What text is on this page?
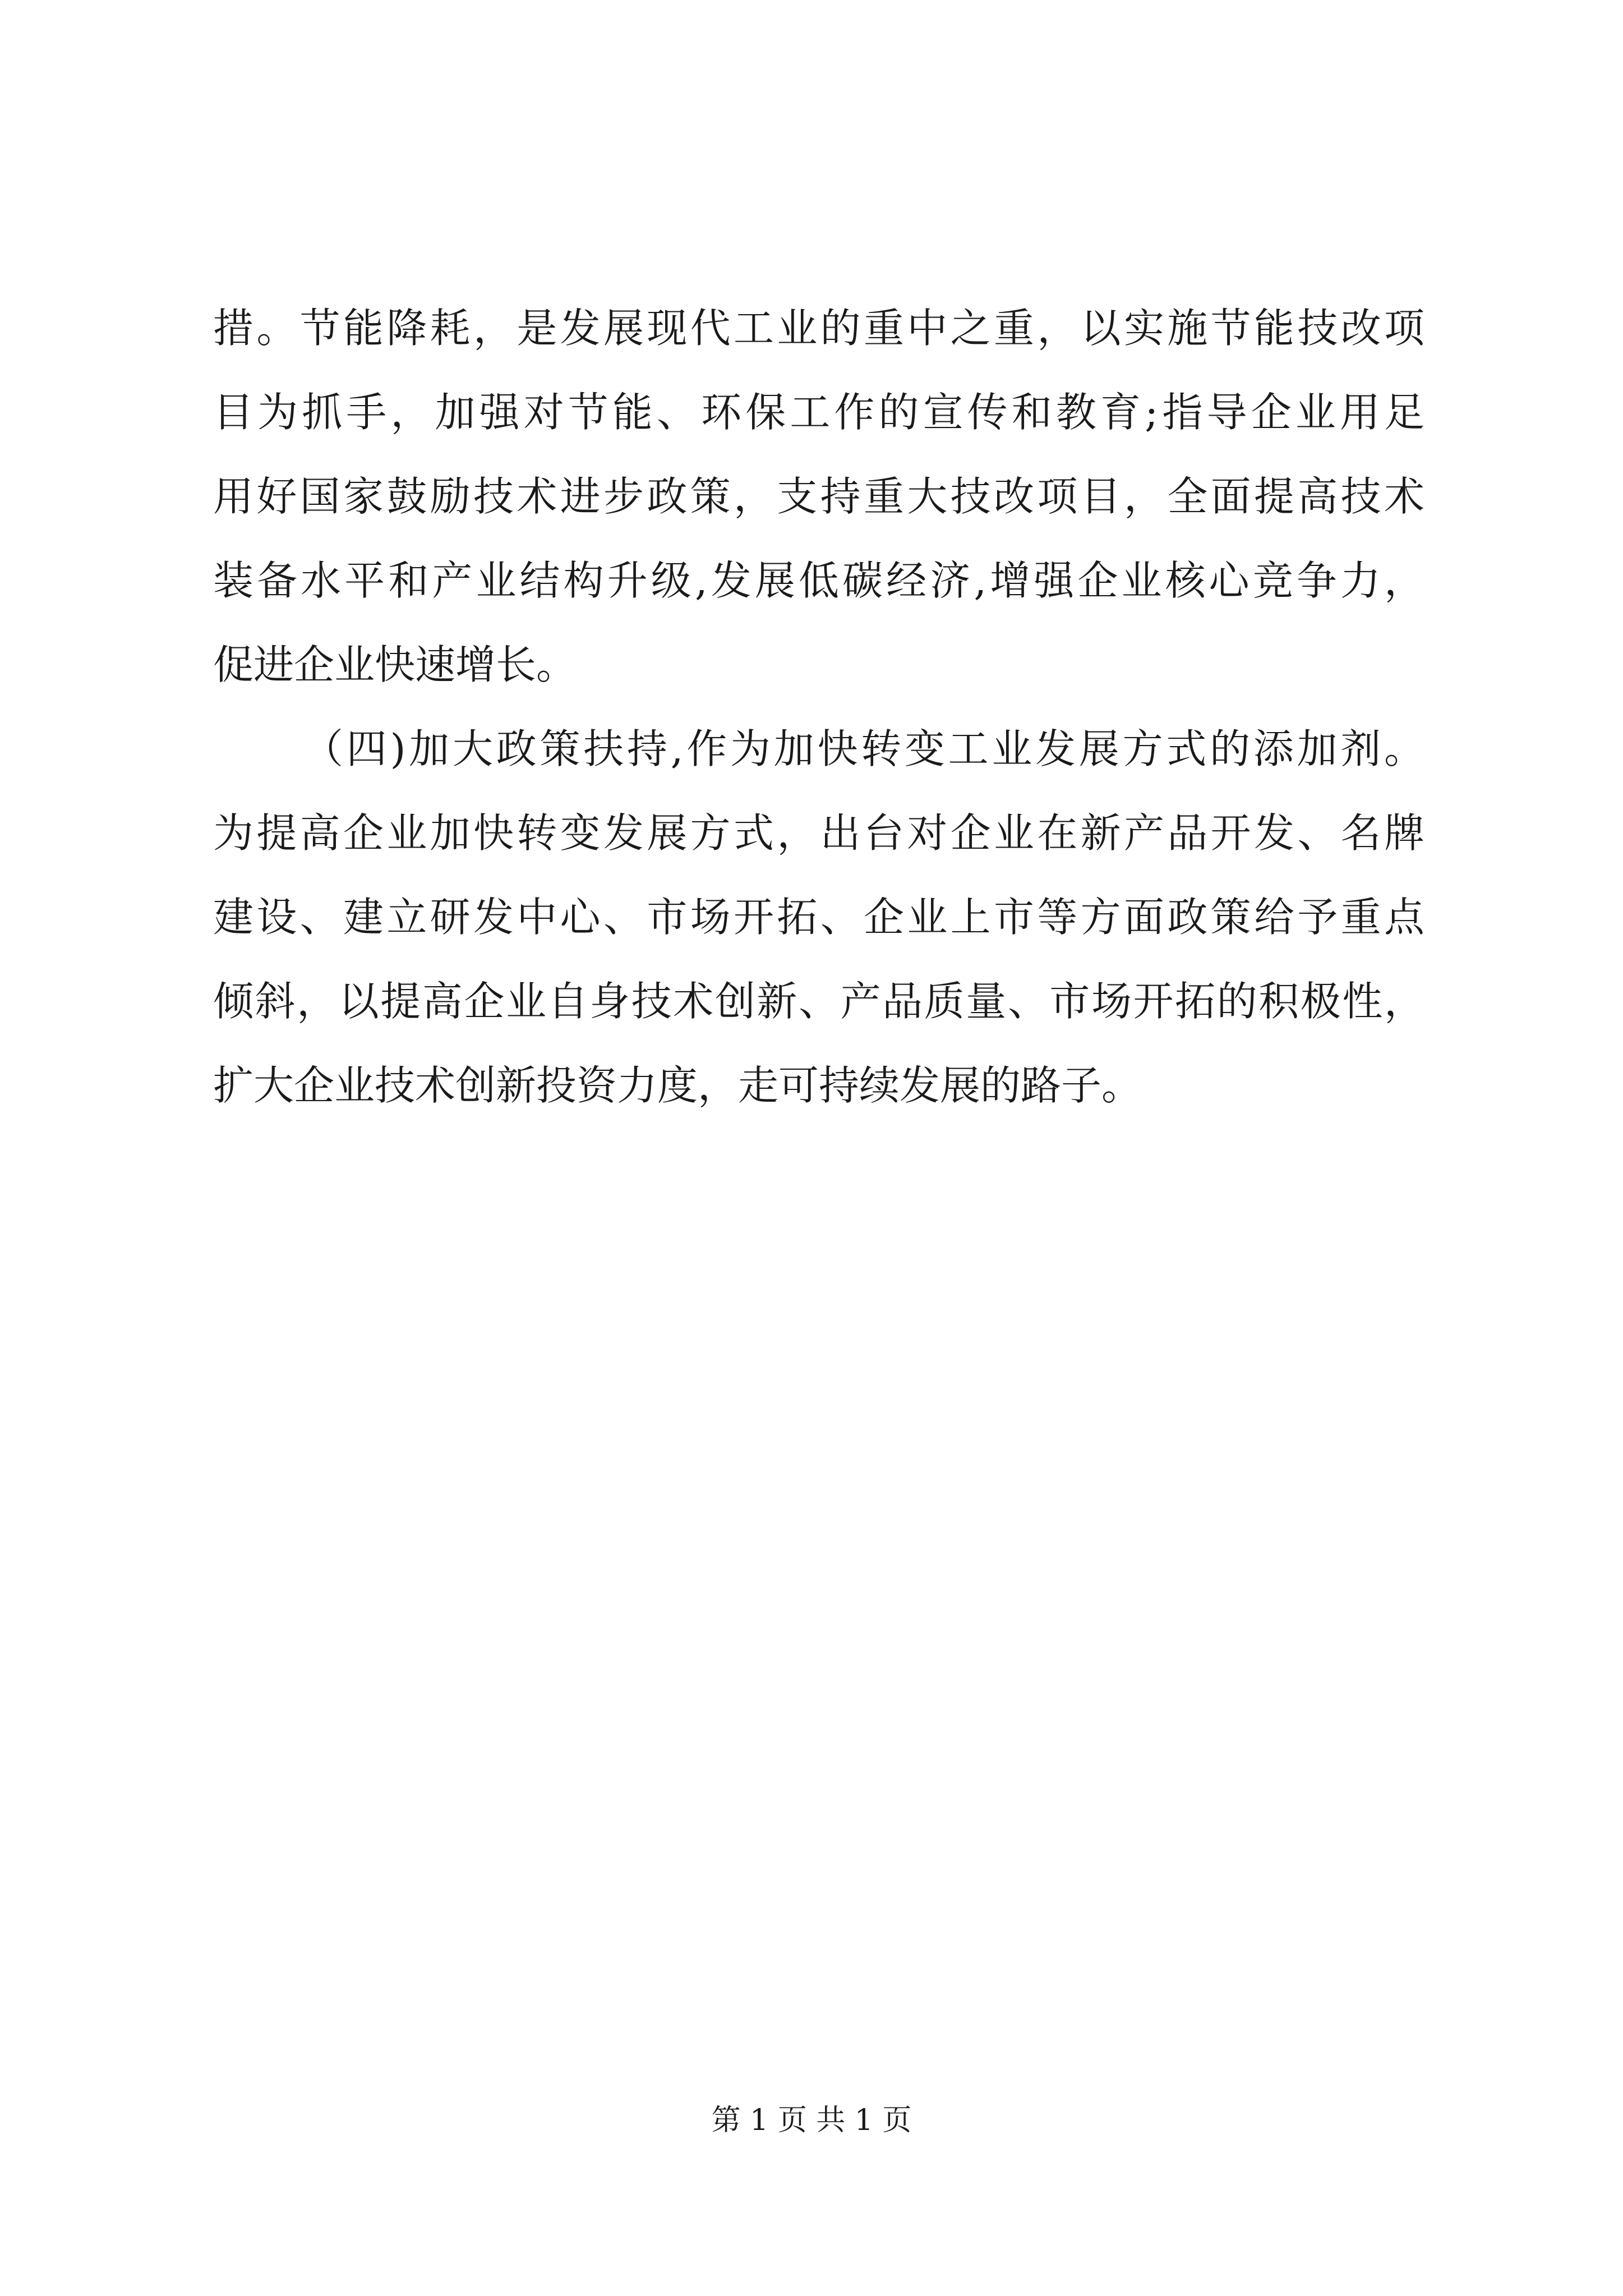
措。节能降耗，是发展现代工业的重中之重，以实施节能技改项
目为抓手，加强对节能、环保工作的宣传和教育;指导企业用足
用好国家鼓励技术进步政策，支持重大技改项目，全面提高技术
装备水平和产业结构升级,发展低碳经济,增强企业核心竞争力，
促进企业快速增长。
（四)加大政策扶持,作为加快转变工业发展方式的添加剂。
为提高企业加快转变发展方式，出台对企业在新产品开发、名牌
建设、建立研发中心、市场开拓、企业上市等方面政策给予重点
倾斜，以提高企业自身技术创新、产品质量、市场开拓的积极性，
扩大企业技术创新投资力度，走可持续发展的路子。
第 1 页 共 1 页
